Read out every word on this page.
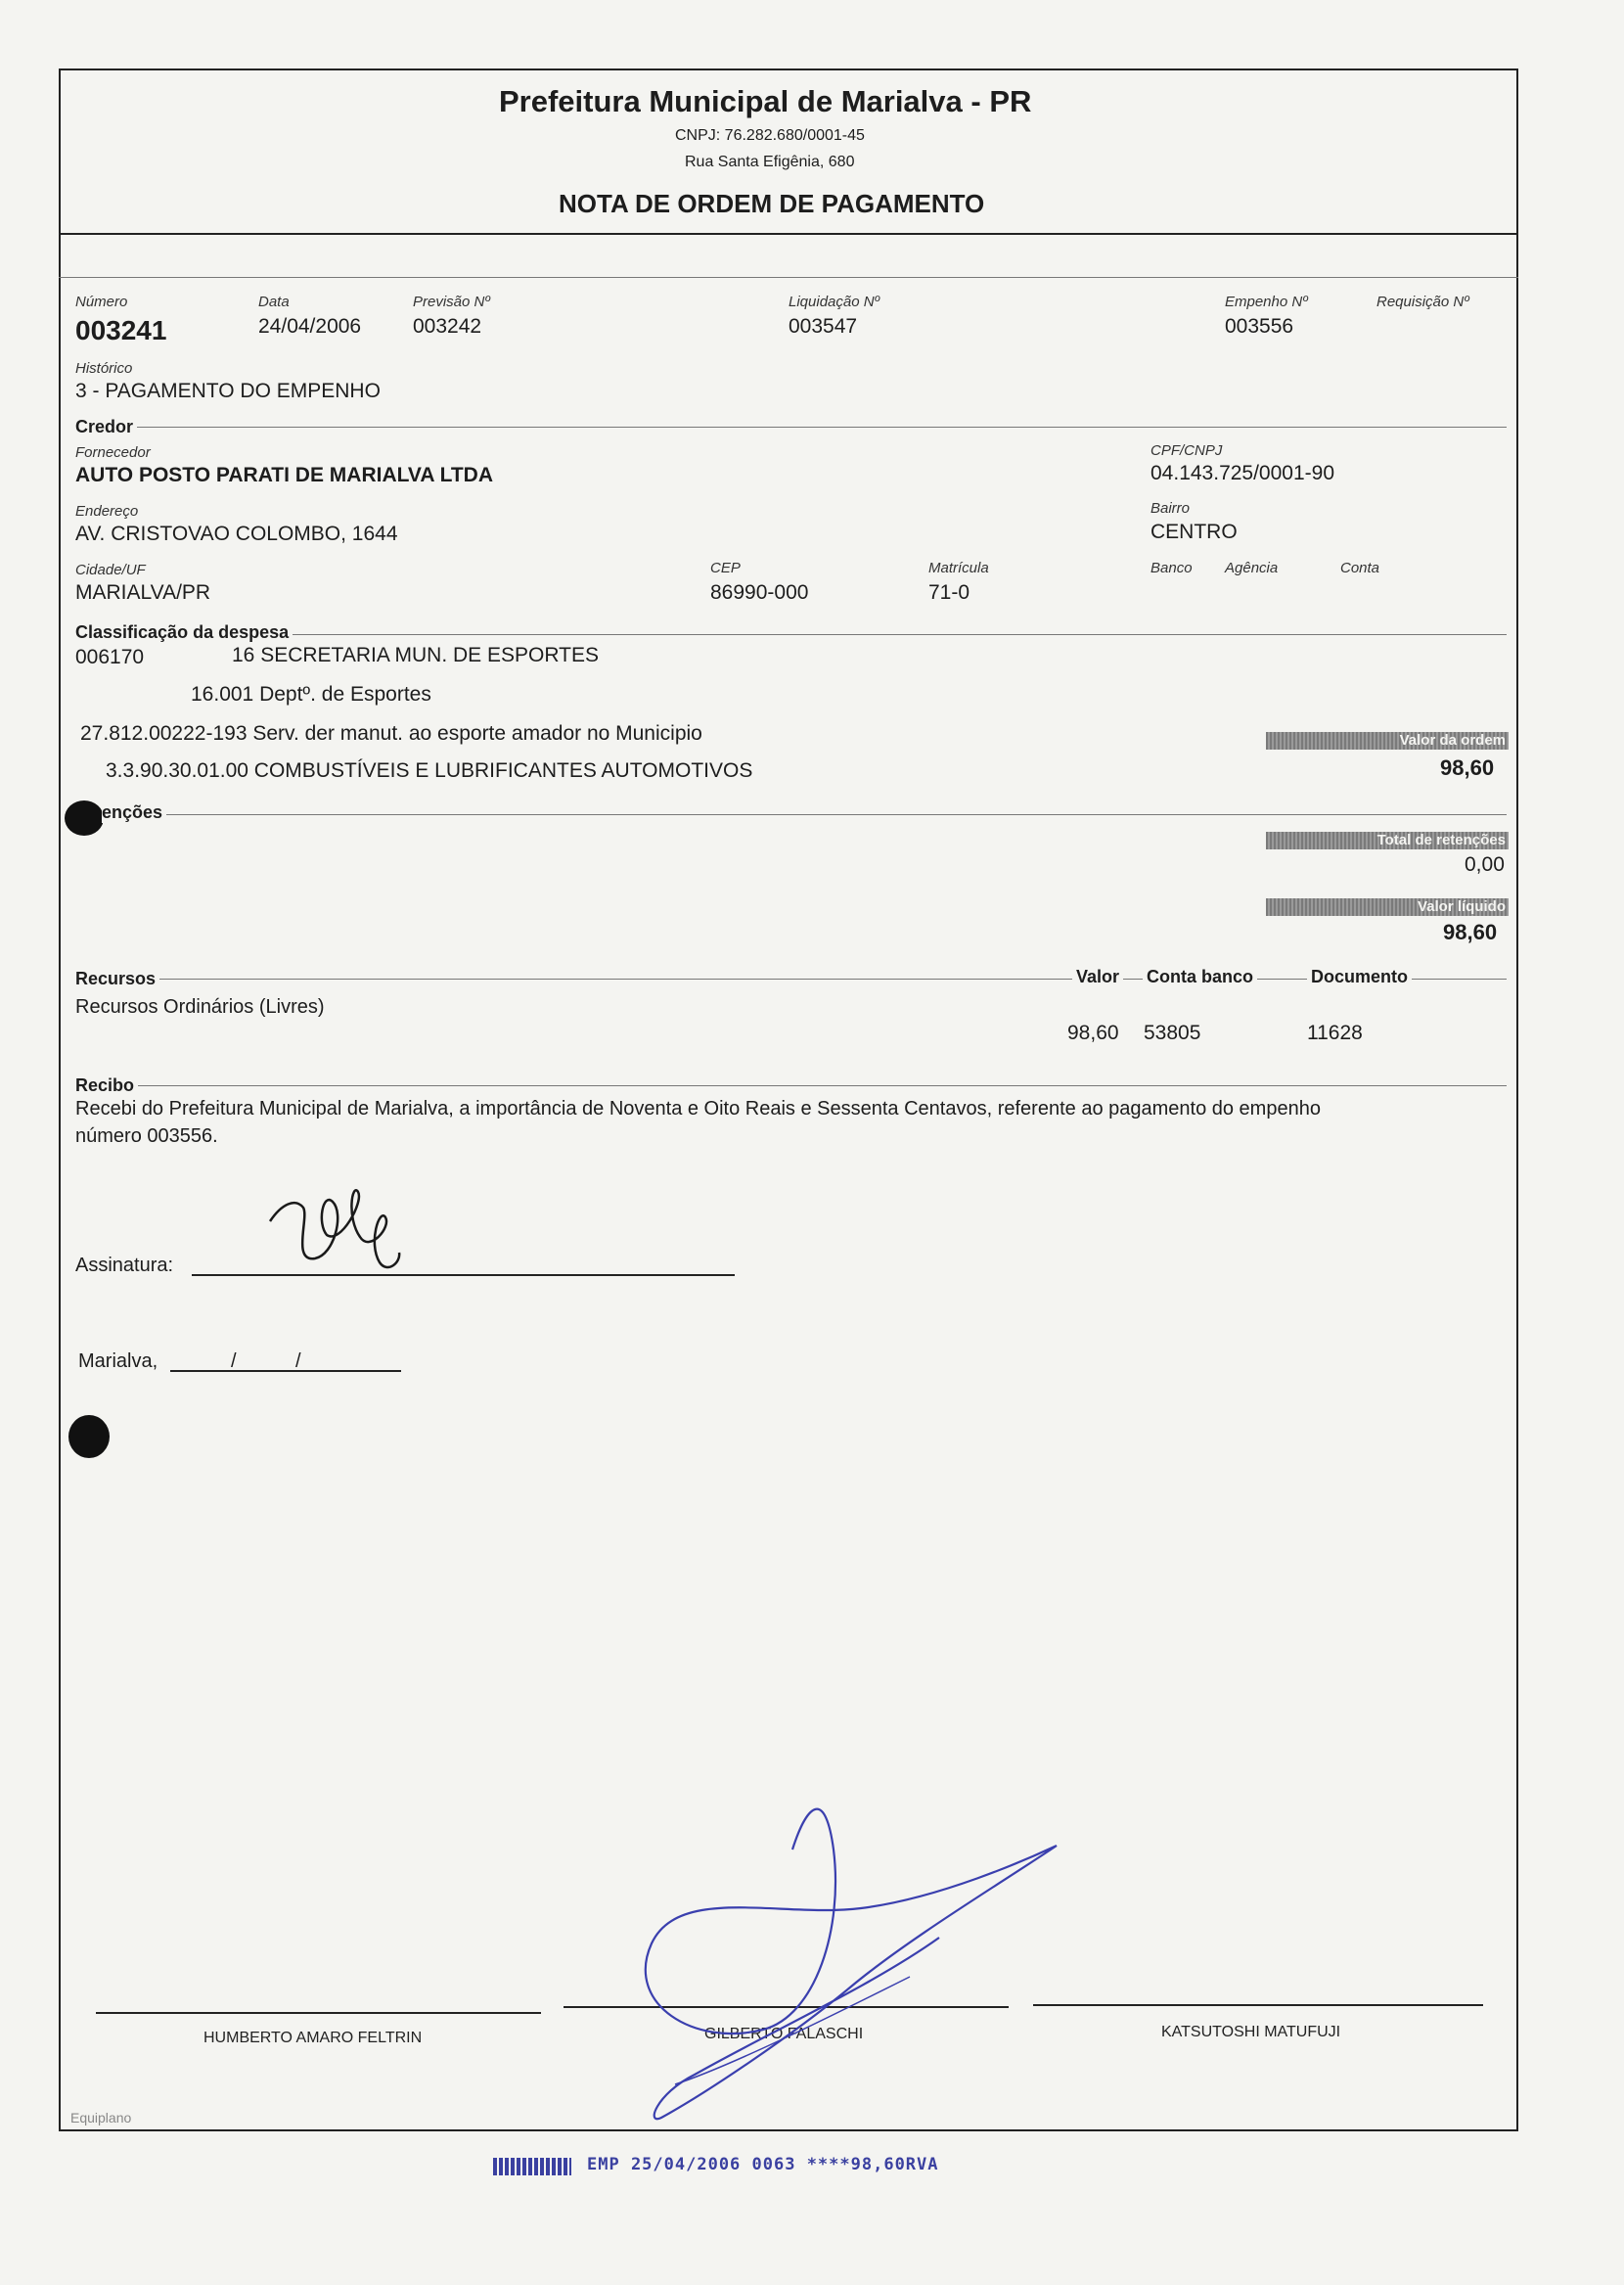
Prefeitura Municipal de Marialva - PR
CNPJ: 76.282.680/0001-45
Rua Santa Efigênia, 680
NOTA DE ORDEM DE PAGAMENTO
Número
003241
Data
24/04/2006
Previsão Nº
003242
Liquidação Nº
003547
Empenho Nº
003556
Requisição Nº
Histórico
3 - PAGAMENTO DO EMPENHO
Credor
Fornecedor
AUTO POSTO PARATI DE MARIALVA LTDA
CPF/CNPJ
04.143.725/0001-90
Endereço
AV. CRISTOVAO COLOMBO, 1644
Bairro
CENTRO
Cidade/UF
MARIALVA/PR
CEP
86990-000
Matrícula
71-0
Banco Agência	Conta
Classificação da despesa
006170	16 SECRETARIA MUN. DE ESPORTES
16.001 Deptº. de Esportes
27.812.00222-193 Serv. der manut. ao esporte amador no Municipio
3.3.90.30.01.00 COMBUSTÍVEIS E LUBRIFICANTES AUTOMOTIVOS
Valor da ordem
98,60
enções
Total de retenções
0,00
Valor líquido
98,60
Recursos	Valor Conta banco	Documento
Recursos Ordinários (Livres)
98,60 53805	11628
Recibo
Recebi do Prefeitura Municipal de Marialva, a importância de Noventa e Oito Reais e Sessenta Centavos, referente ao pagamento do empenho
número 003556.
Assinatura:
Marialva,	/	/
HUMBERTO AMARO FELTRIN	GILBERTO FALASCHI	KATSUTOSHI MATUFUJI
Equiplano
EMP 25/04/2006 0063 ****98,60RVA
